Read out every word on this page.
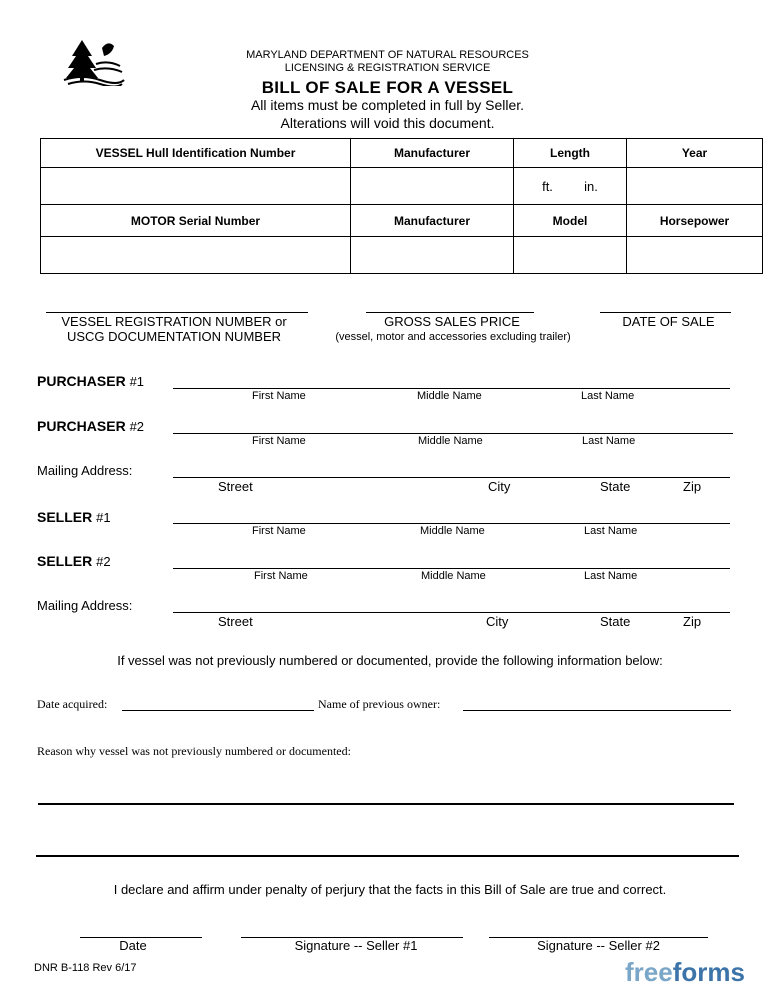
MARYLAND DEPARTMENT OF NATURAL RESOURCES
LICENSING & REGISTRATION SERVICE
BILL OF SALE FOR A VESSEL
All items must be completed in full by Seller.
Alterations will void this document.
VESSEL Hull Identification Number	Manufacturer	Length	Year
		ft. in.	
MOTOR Serial Number	Manufacturer	Model	Horsepower

VESSEL REGISTRATION NUMBER or
USCG DOCUMENTATION NUMBER
GROSS SALES PRICE
(vessel, motor and accessories excluding trailer)
DATE OF SALE
PURCHASER #1
First Name	Middle Name	Last Name
PURCHASER #2
First Name	Middle Name	Last Name
Mailing Address:
Street	City	State	Zip
SELLER #1
First Name	Middle Name	Last Name
SELLER #2
First Name	Middle Name	Last Name
Mailing Address:
Street	City	State	Zip
If vessel was not previously numbered or documented, provide the following information below:
Date acquired:	Name of previous owner:
Reason why vessel was not previously numbered or documented:
I declare and affirm under penalty of perjury that the facts in this Bill of Sale are true and correct.
Date	Signature -- Seller #1	Signature -- Seller #2
DNR B-118 Rev 6/17	freeforms
